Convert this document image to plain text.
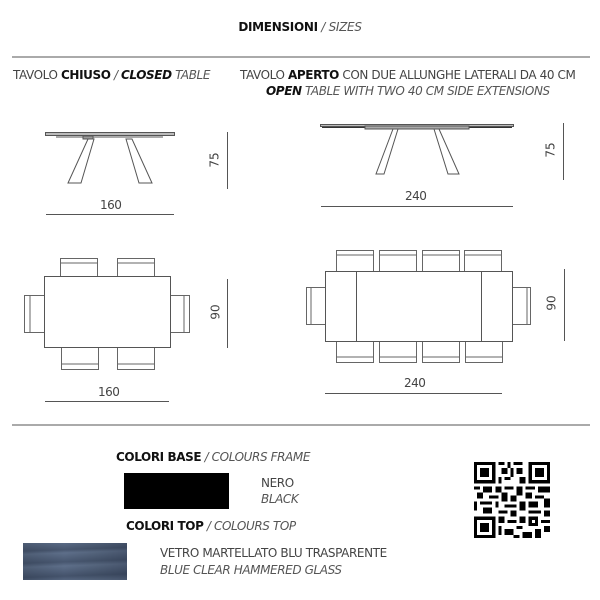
DIMENSIONI / SIZES
TAVOLO CHIUSO / CLOSED TABLE TAVOLO APERTO CON DUE ALLUNGHE LATERALI DA 40 CM
OPEN TABLE WITH TWO 40 CM SIDE EXTENSIONS
160
75
240
75
160
90
240
90
COLORI BASE / COLOURS FRAME
NERO
BLACK
COLORI TOP / COLOURS TOP
VETRO MARTELLATO BLU TRASPARENTE
BLUE CLEAR HAMMERED GLASS
